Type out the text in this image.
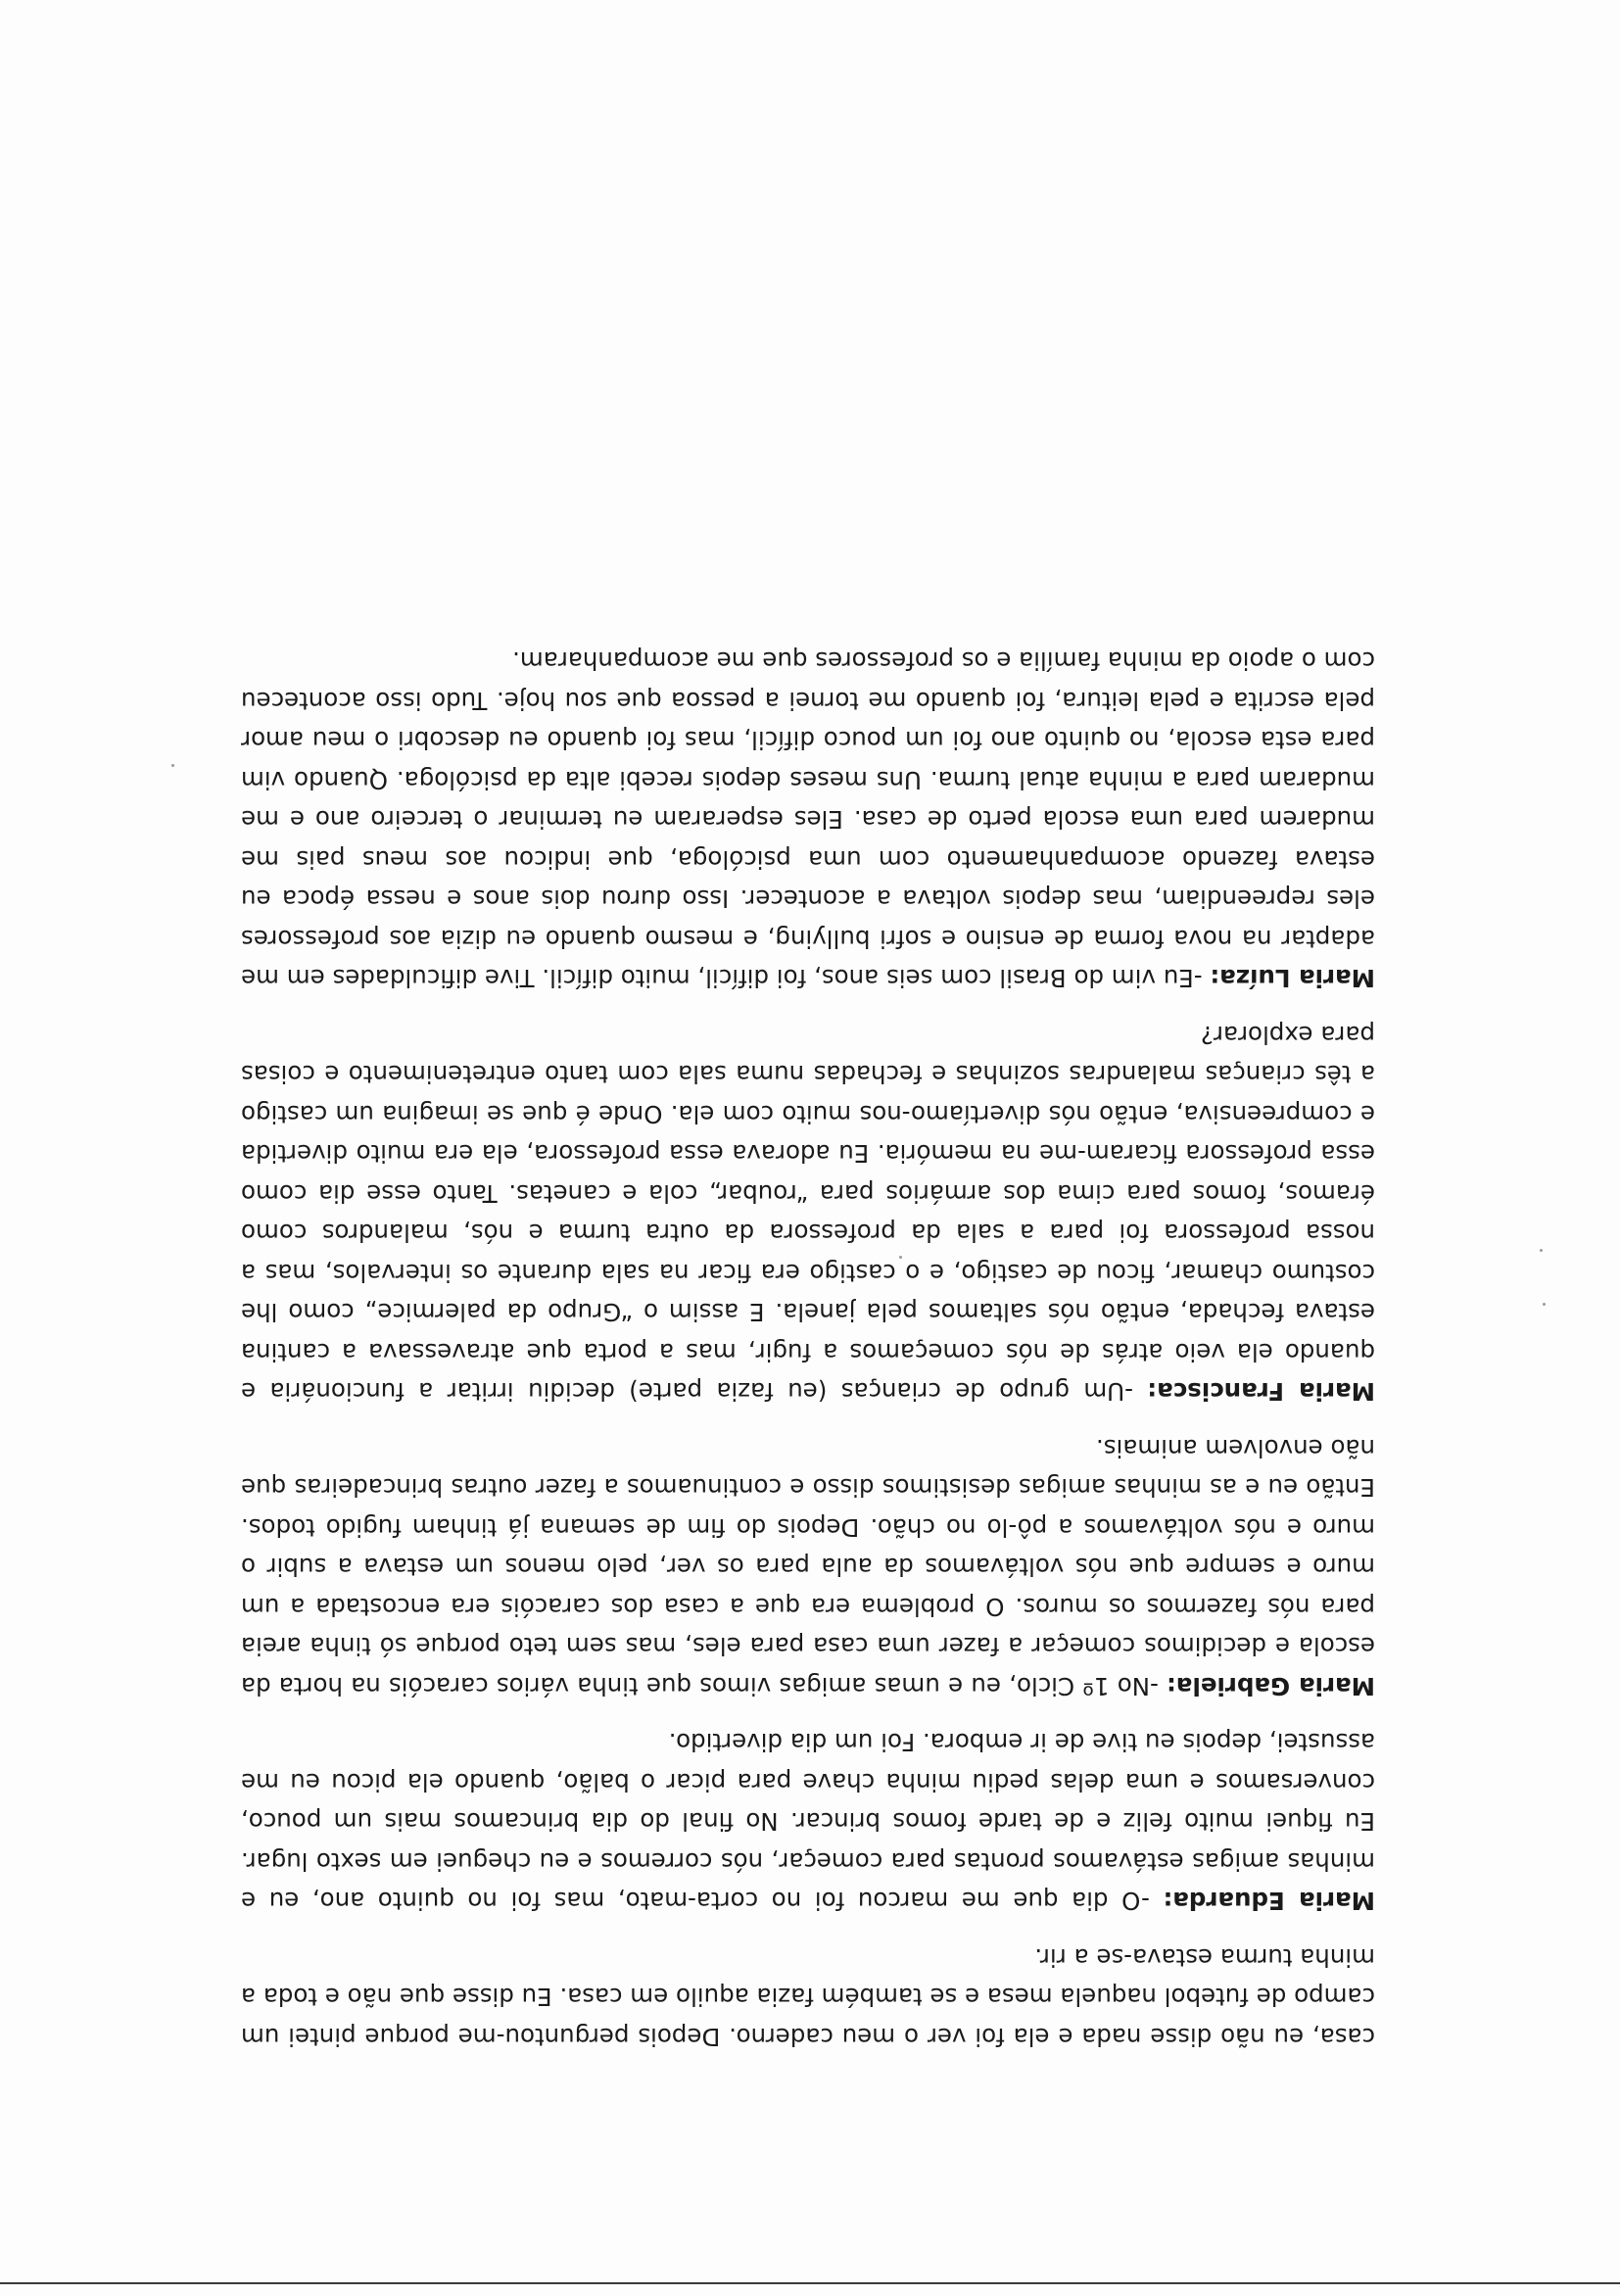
casa, eu não disse nada e ela foi ver o meu caderno. Depois perguntou-me porque pintei um campo de futebol naquela mesa e se também fazia aquilo em casa. Eu disse que não e toda a minha turma estava-se a rir.

Maria Eduarda: -O dia que me marcou foi no corta-mato, mas foi no quinto ano, eu e minhas amigas estávamos prontas para começar, nós corremos e eu cheguei em sexto lugar. Eu fiquei muito feliz e de tarde fomos brincar. No final do dia brincamos mais um pouco, conversamos e uma delas pediu minha chave para picar o balão, quando ela picou eu me assustei, depois eu tive de ir embora. Foi um dia divertido.

Maria Gabriela: -No 1º Ciclo, eu e umas amigas vimos que tinha vários caracóis na horta da escola e decidimos começar a fazer uma casa para eles, mas sem teto porque só tinha areia para nós fazermos os muros. O problema era que a casa dos caracóis era encostada a um muro e sempre que nós voltávamos da aula para os ver, pelo menos um estava a subir o muro e nós voltávamos a pô-lo no chão. Depois do fim de semana já tinham fugido todos. Então eu e as minhas amigas desistimos disso e continuamos a fazer outras brincadeiras que não envolvem animais.

Maria Francisca: -Um grupo de crianças (eu fazia parte) decidiu irritar a funcionária e quando ela veio atrás de nós começamos a fugir, mas a porta que atravessava a cantina estava fechada, então nós saltamos pela janela. E assim o “Grupo da palermice„ como lhe costumo chamar, ficou de castigo, e o castigo era ficar na sala durante os intervalos, mas a nossa professora foi para a sala da professora da outra turma e nós, malandros como éramos, fomos para cima dos armários para “roubar„ cola e canetas. Tanto esse dia como essa professora ficaram-me na memória. Eu adorava essa professora, ela era muito divertida e compreensiva, então nós divertíamo-nos muito com ela. Onde é que se imagina um castigo a tês crianças malandras sozinhas e fechadas numa sala com tanto entretenimento e coisas para explorar?

Maria Luíza: -Eu vim do Brasil com seis anos, foi difícil, muito difícil. Tive dificuldades em me adaptar na nova forma de ensino e sofri bullying, e mesmo quando eu dizia aos professores eles repreendiam, mas depois voltava a acontecer. Isso durou dois anos e nessa época eu estava fazendo acompanhamento com uma psicóloga, que indicou aos meus pais me mudarem para uma escola perto de casa. Eles esperaram eu terminar o terceiro ano e me mudaram para a minha atual turma. Uns meses depois recebi alta da psicóloga. Quando vim para esta escola, no quinto ano foi um pouco difícil, mas foi quando eu descobri o meu amor pela escrita e pela leitura, foi quando me tornei a pessoa que sou hoje. Tudo isso aconteceu com o apoio da minha família e os professores que me acompanharam.
